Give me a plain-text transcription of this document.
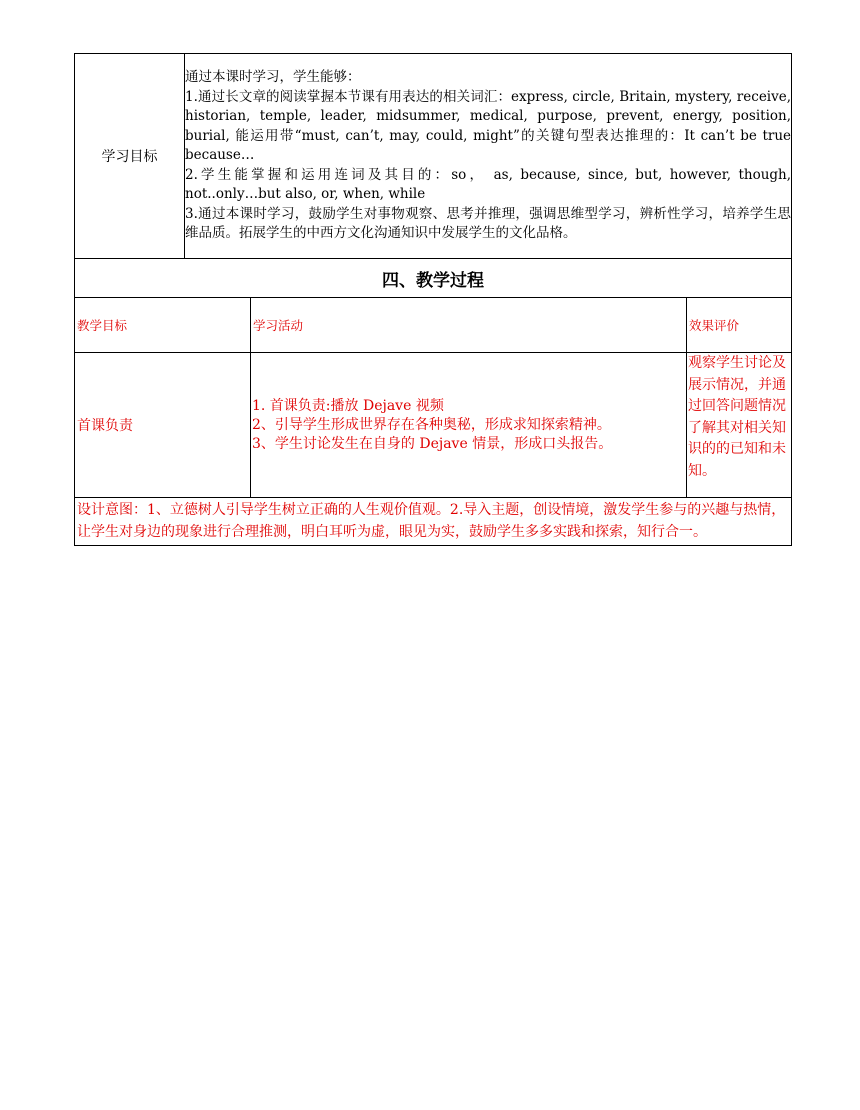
学习目标	通过本课时学习，学生能够：

1.通过长文章的阅读掌握本节课有用表达的相关词汇：express, circle, Britain, mystery, receive, historian, temple, leader, midsummer, medical, purpose, prevent, energy, position, burial, 能运用带“must, can’t, may, could, might”的关键句型表达推理的：It can’t be true because…

2.学生能掌握和运用连词及其目的：so， as, because, since, but, however, though, not..only…but also, or, when, while

3.通过本课时学习，鼓励学生对事物观察、思考并推理，强调思维型学习，辨析性学习，培养学生思维品质。拓展学生的中西方文化沟通知识中发展学生的文化品格。		

四、教学过程			
教学目标		学习活动	效果评价
首课负责		1. 首课负责:播放 Dejave 视频
2、引导学生形成世界存在各种奥秘，形成求知探索精神。
3、学生讨论发生在自身的 Dejave 情景，形成口头报告。	观察学生讨论及展示情况，并通过回答问题情况了解其对相关知识的的已知和未知。
设计意图：1、立德树人引导学生树立正确的人生观价值观。2.导入主题，创设情境，激发学生参与的兴趣与热情，让学生对身边的现象进行合理推测，明白耳听为虚，眼见为实，鼓励学生多多实践和探索，知行合一。			
